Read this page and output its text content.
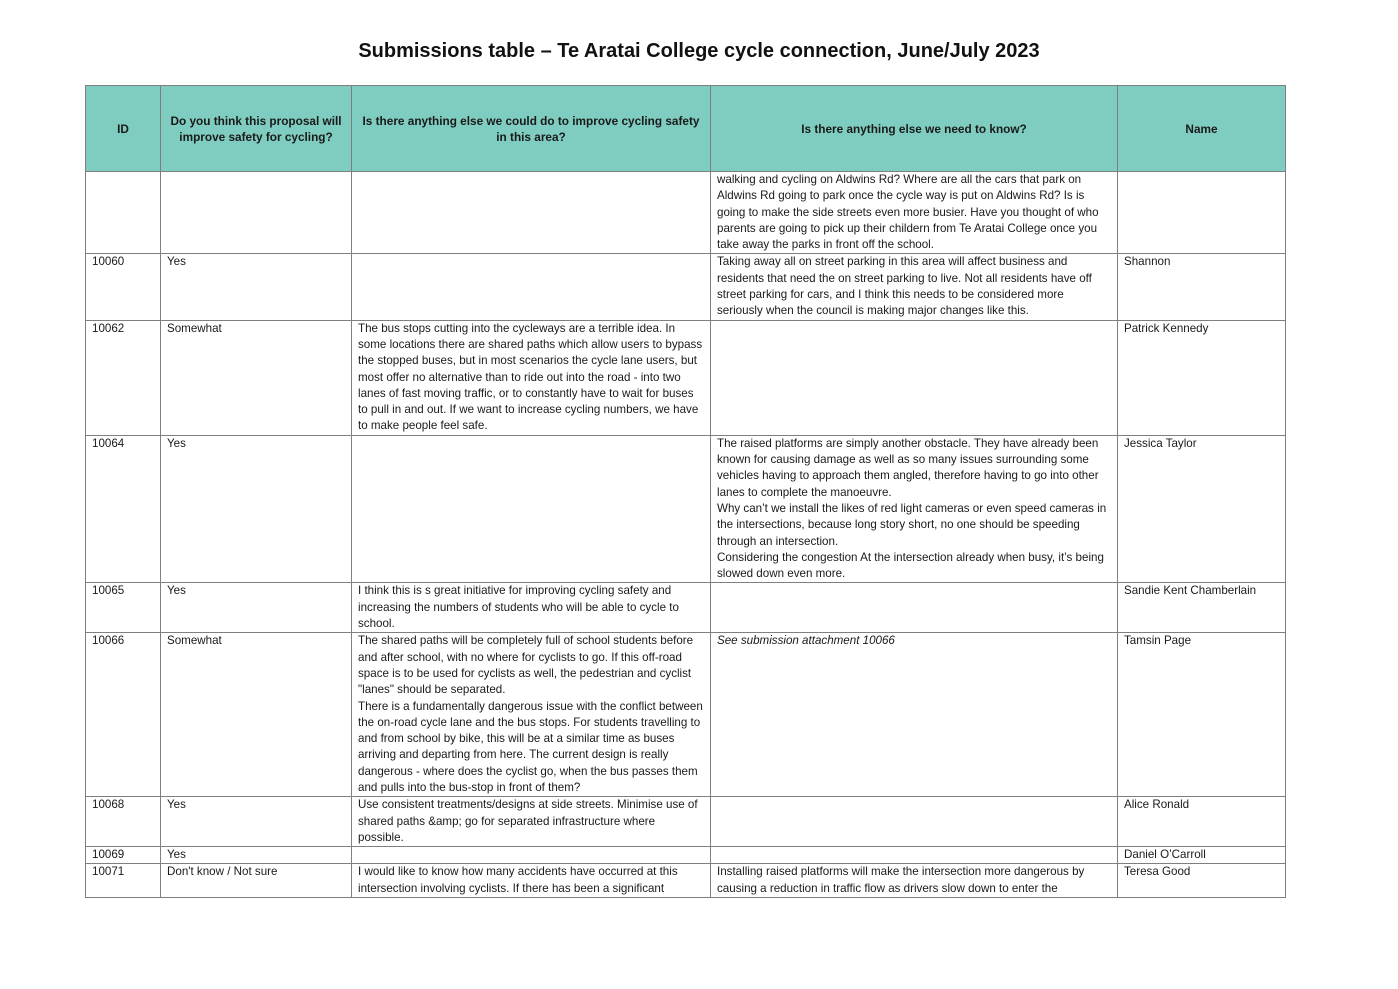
Submissions table – Te Aratai College cycle connection, June/July 2023
ID	Do you think this proposal will improve safety for cycling?	Is there anything else we could do to improve cycling safety in this area?	Is there anything else we need to know?	Name

			walking and cycling on Aldwins Rd? Where are all the cars that park on Aldwins Rd going to park once the cycle way is put on Aldwins Rd? Is is going to make the side streets even more busier. Have you thought of who parents are going to pick up their childern from Te Aratai College once you take away the parks in front off the school.	

10060	Yes		Taking away all on street parking in this area will affect business and residents that need the on street parking to live. Not all residents have off street parking for cars, and I think this needs to be considered more seriously when the council is making major changes like this.	Shannon

10062	Somewhat	The bus stops cutting into the cycleways are a terrible idea. In some locations there are shared paths which allow users to bypass the stopped buses, but in most scenarios the cycle lane users, but most offer no alternative than to ride out into the road - into two lanes of fast moving traffic, or to constantly have to wait for buses to pull in and out. If we want to increase cycling numbers, we have to make people feel safe.		Patrick Kennedy

10064	Yes		The raised platforms are simply another obstacle. They have already been known for causing damage as well as so many issues surrounding some vehicles having to approach them angled, therefore having to go into other lanes to complete the manoeuvre.
Why can’t we install the likes of red light cameras or even speed cameras in the intersections, because long story short, no one should be speeding through an intersection.
Considering the congestion At the intersection already when busy, it’s being slowed down even more.	Jessica Taylor

10065	Yes	I think this is s great initiative for improving cycling safety and increasing the numbers of students who will be able to cycle to school.		Sandie Kent Chamberlain

10066	Somewhat	The shared paths will be completely full of school students before and after school, with no where for cyclists to go. If this off-road space is to be used for cyclists as well, the pedestrian and cyclist "lanes" should be separated.
There is a fundamentally dangerous issue with the conflict between the on-road cycle lane and the bus stops. For students travelling to and from school by bike, this will be at a similar time as buses arriving and departing from here. The current design is really dangerous - where does the cyclist go, when the bus passes them and pulls into the bus-stop in front of them?	See submission attachment 10066	Tamsin Page

10068	Yes	Use consistent treatments/designs at side streets. Minimise use of shared paths &amp; go for separated infrastructure where possible.		Alice Ronald

10069	Yes			Daniel O’Carroll

10071	Don't know / Not sure	I would like to know how many accidents have occurred at this intersection involving cyclists. If there has been a significant	Installing raised platforms will make the intersection more dangerous by causing a reduction in traffic flow as drivers slow down to enter the	Teresa Good
